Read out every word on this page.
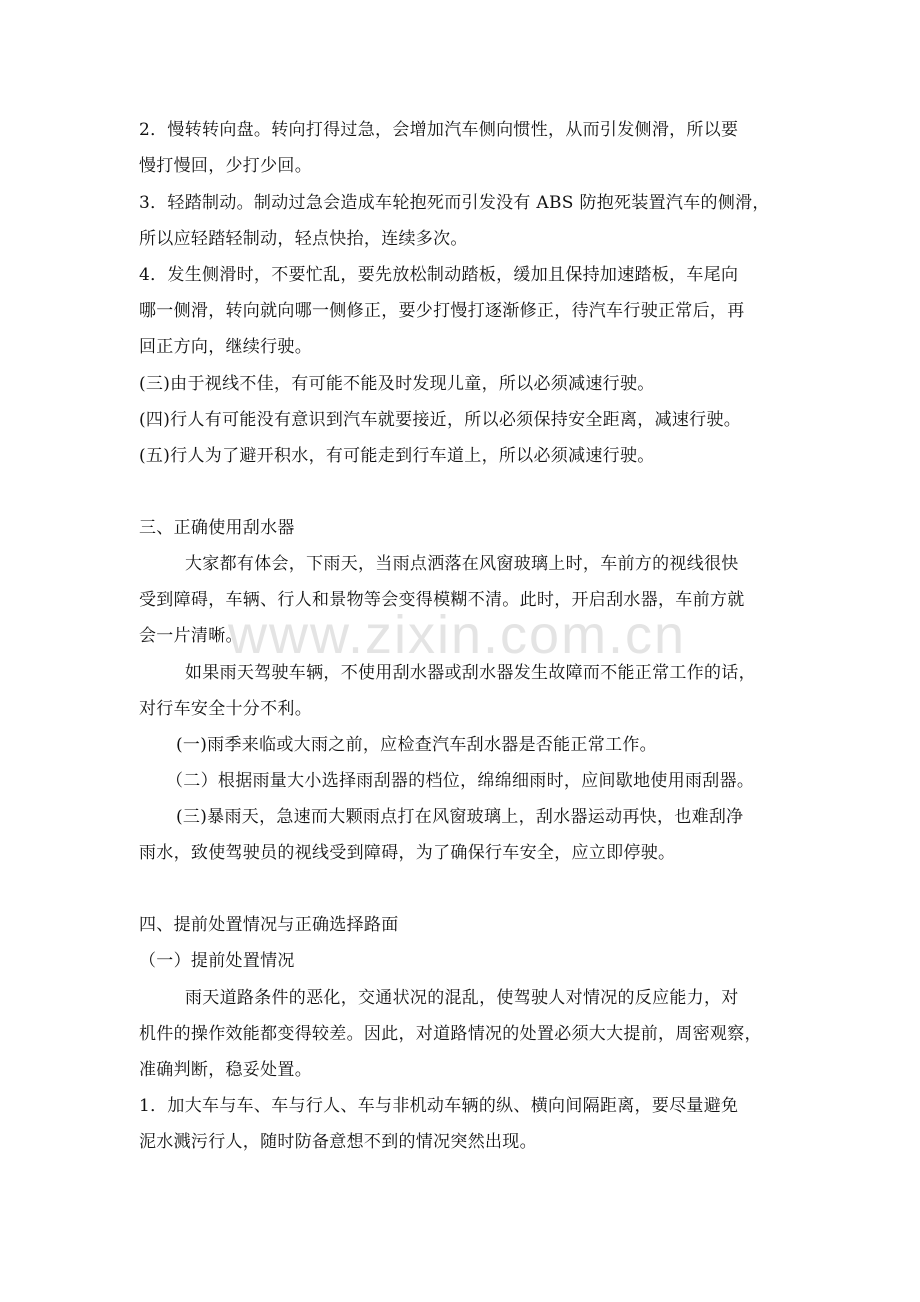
www.zixin.com.cn
2．慢转转向盘。转向打得过急，会增加汽车侧向惯性，从而引发侧滑，所以要
慢打慢回，少打少回。
3．轻踏制动。制动过急会造成车轮抱死而引发没有 ABS 防抱死装置汽车的侧滑，
所以应轻踏轻制动，轻点快抬，连续多次。
4．发生侧滑时，不要忙乱，要先放松制动踏板，缓加且保持加速踏板，车尾向
哪一侧滑，转向就向哪一侧修正，要少打慢打逐渐修正，待汽车行驶正常后，再
回正方向，继续行驶。
(三)由于视线不佳，有可能不能及时发现儿童，所以必须减速行驶。
(四)行人有可能没有意识到汽车就要接近，所以必须保持安全距离，减速行驶。
(五)行人为了避开积水，有可能走到行车道上，所以必须减速行驶。
三、正确使用刮水器
大家都有体会，下雨天，当雨点洒落在风窗玻璃上时，车前方的视线很快
受到障碍，车辆、行人和景物等会变得模糊不清。此时，开启刮水器，车前方就
会一片清晰。
如果雨天驾驶车辆，不使用刮水器或刮水器发生故障而不能正常工作的话，
对行车安全十分不利。
(一)雨季来临或大雨之前，应检查汽车刮水器是否能正常工作。
（二）根据雨量大小选择雨刮器的档位，绵绵细雨时，应间歇地使用雨刮器。
(三)暴雨天，急速而大颗雨点打在风窗玻璃上，刮水器运动再快，也难刮净
雨水，致使驾驶员的视线受到障碍，为了确保行车安全，应立即停驶。
四、提前处置情况与正确选择路面
（一）提前处置情况
雨天道路条件的恶化，交通状况的混乱，使驾驶人对情况的反应能力，对
机件的操作效能都变得较差。因此，对道路情况的处置必须大大提前，周密观察，
准确判断，稳妥处置。
1．加大车与车、车与行人、车与非机动车辆的纵、横向间隔距离，要尽量避免
泥水溅污行人，随时防备意想不到的情况突然出现。
